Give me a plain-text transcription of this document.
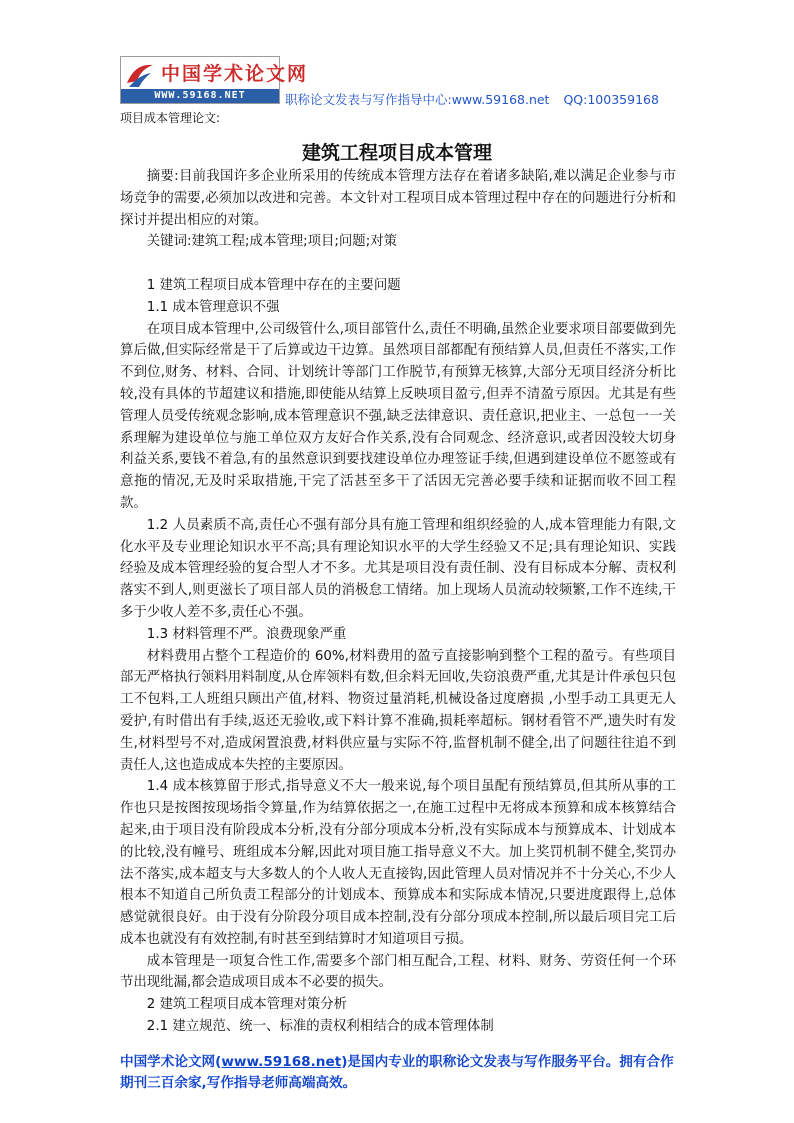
中国学术论文网
WWW.59168.NET	职称论文发表与写作指导中心:www.59168.net QQ:100359168
项目成本管理论文:
建筑工程项目成本管理

摘要:目前我国许多企业所采用的传统成本管理方法存在着诸多缺陷,难以满足企业参与市场竞争的需要,必须加以改进和完善。本文针对工程项目成本管理过程中存在的问题进行分析和探讨并提出相应的对策。

关键词:建筑工程;成本管理;项目;问题;对策

1 建筑工程项目成本管理中存在的主要问题

1.1 成本管理意识不强

在项目成本管理中,公司级管什么,项目部管什么,责任不明确,虽然企业要求项目部要做到先算后做,但实际经常是干了后算或边干边算。虽然项目部都配有预结算人员,但责任不落实,工作不到位,财务、材料、合同、计划统计等部门工作脱节,有预算无核算,大部分无项目经济分析比较,没有具体的节超建议和措施,即使能从结算上反映项目盈亏,但弄不清盈亏原因。尤其是有些管理人员受传统观念影响,成本管理意识不强,缺乏法律意识、责任意识,把业主、一总包一一关系理解为建设单位与施工单位双方友好合作关系,没有合同观念、经济意识,或者因没较大切身利益关系,要钱不着急,有的虽然意识到要找建设单位办理签证手续,但遇到建设单位不愿签或有意拖的情况,无及时采取措施,干完了活甚至多干了活因无完善必要手续和证据而收不回工程款。

1.2 人员素质不高,责任心不强有部分具有施工管理和组织经验的人,成本管理能力有限,文化水平及专业理论知识水平不高;具有理论知识水平的大学生经验又不足;具有理论知识、实践经验及成本管理经验的复合型人才不多。尤其是项目没有责任制、没有目标成本分解、责权利落实不到人,则更滋长了项目部人员的消极怠工情绪。加上现场人员流动较频繁,工作不连续,干多于少收人差不多,责任心不强。

1.3 材料管理不严。浪费现象严重

材料费用占整个工程造价的 60%,材料费用的盈亏直接影响到整个工程的盈亏。有些项目部无严格执行领料用料制度,从仓库领料有数,但余料无回收,失窃浪费严重,尤其是计件承包只包工不包料,工人班组只顾出产值,材料、物资过量消耗,机械设备过度磨损 ,小型手动工具更无人爱护,有时借出有手续,返还无验收,或下料计算不准确,损耗率超标。钢材看管不严,遗失时有发生,材料型号不对,造成闲置浪费,材料供应量与实际不符,监督机制不健全,出了问题往往追不到责任人,这也造成成本失控的主要原因。

1.4 成本核算留于形式,指导意义不大一般来说,每个项目虽配有预结算员,但其所从事的工作也只是按图按现场指令算量,作为结算依据之一,在施工过程中无将成本预算和成本核算结合起来,由于项目没有阶段成本分析,没有分部分项成本分析,没有实际成本与预算成本、计划成本的比较,没有幢号、班组成本分解,因此对项目施工指导意义不大。加上奖罚机制不健全,奖罚办法不落实,成本超支与大多数人的个人收人无直接钩,因此管理人员对情况并不十分关心,不少人根本不知道自己所负责工程部分的计划成本、预算成本和实际成本情况,只要进度跟得上,总体感觉就很良好。由于没有分阶段分项目成本控制,没有分部分项成本控制,所以最后项目完工后成本也就没有有效控制,有时甚至到结算时才知道项目亏损。

成本管理是一项复合性工作,需要多个部门相互配合,工程、材料、财务、劳资任何一个环节出现纰漏,都会造成项目成本不必要的损失。

2 建筑工程项目成本管理对策分析

2.1 建立规范、统一、标准的责权利相结合的成本管理体制

中国学术论文网(www.59168.net)是国内专业的职称论文发表与写作服务平台。拥有合作期刊三百余家,写作指导老师高端高效。
